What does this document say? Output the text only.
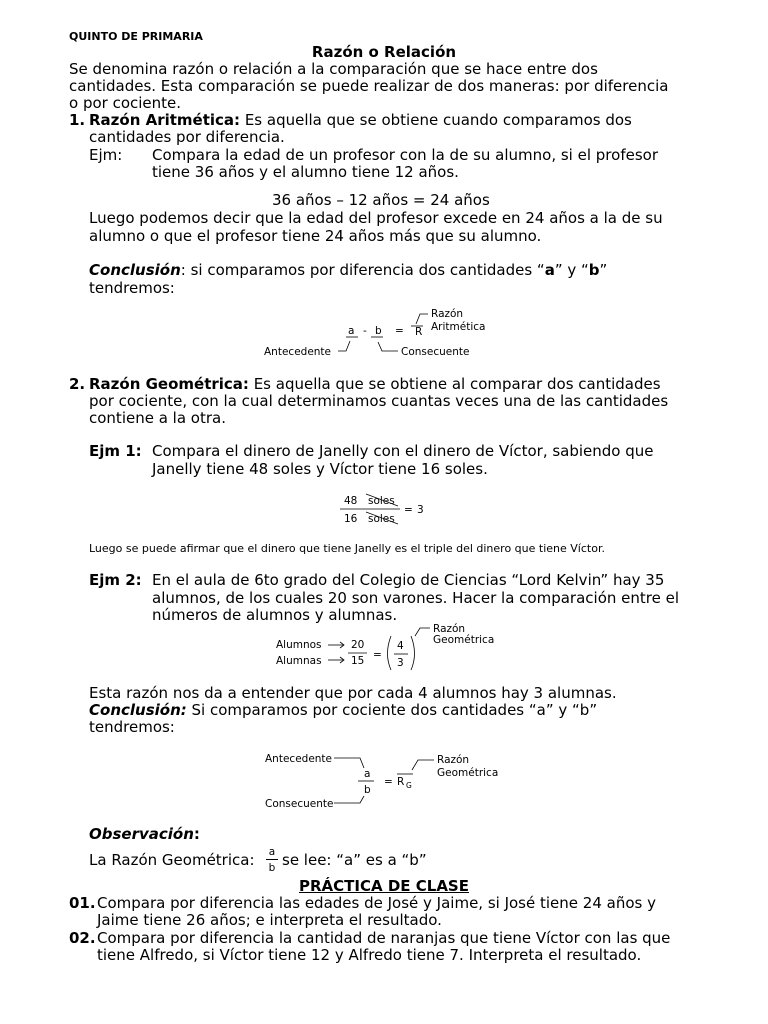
QUINTO DE PRIMARIA
Razón o Relación
Se denomina razón o relación a la comparación que se hace entre dos
cantidades. Esta comparación se puede realizar de dos maneras: por diferencia
o por cociente.
1. Razón Aritmética: Es aquella que se obtiene cuando comparamos dos
cantidades por diferencia.
Ejm: Compara la edad de un profesor con la de su alumno, si el profesor
tiene 36 años y el alumno tiene 12 años.
36 años – 12 años = 24 años
Luego podemos decir que la edad del profesor excede en 24 años a la de su
alumno o que el profesor tiene 24 años más que su alumno.
Conclusión: si comparamos por diferencia dos cantidades “a” y “b”
tendremos:
a - b = R
Razón
Aritmética
Antecedente	Consecuente
2. Razón Geométrica: Es aquella que se obtiene al comparar dos cantidades
por cociente, con la cual determinamos cuantas veces una de las cantidades
contiene a la otra.
Ejm 1: Compara el dinero de Janelly con el dinero de Víctor, sabiendo que
Janelly tiene 48 soles y Víctor tiene 16 soles.
48 soles
16 soles
= 3
Luego se puede afirmar que el dinero que tiene Janelly es el triple del dinero que tiene Víctor.
Ejm 2: En el aula de 6to grado del Colegio de Ciencias “Lord Kelvin” hay 35
alumnos, de los cuales 20 son varones. Hacer la comparación entre el
números de alumnos y alumnas.
Alumnos
Alumnas
20
15 =
4
3
Razón
Geométrica
Esta razón nos da a entender que por cada 4 alumnos hay 3 alumnas.
Conclusión: Si comparamos por cociente dos cantidades “a” y “b”
tendremos:
Antecedente
Consecuente
a
b
= R G
Razón
Geométrica
Observación:
La Razón Geométrica: a
b se lee: “a” es a “b”
PRÁCTICA DE CLASE
01. Compara por diferencia las edades de José y Jaime, si José tiene 24 años y
Jaime tiene 26 años; e interpreta el resultado.
02. Compara por diferencia la cantidad de naranjas que tiene Víctor con las que
tiene Alfredo, si Víctor tiene 12 y Alfredo tiene 7. Interpreta el resultado.
